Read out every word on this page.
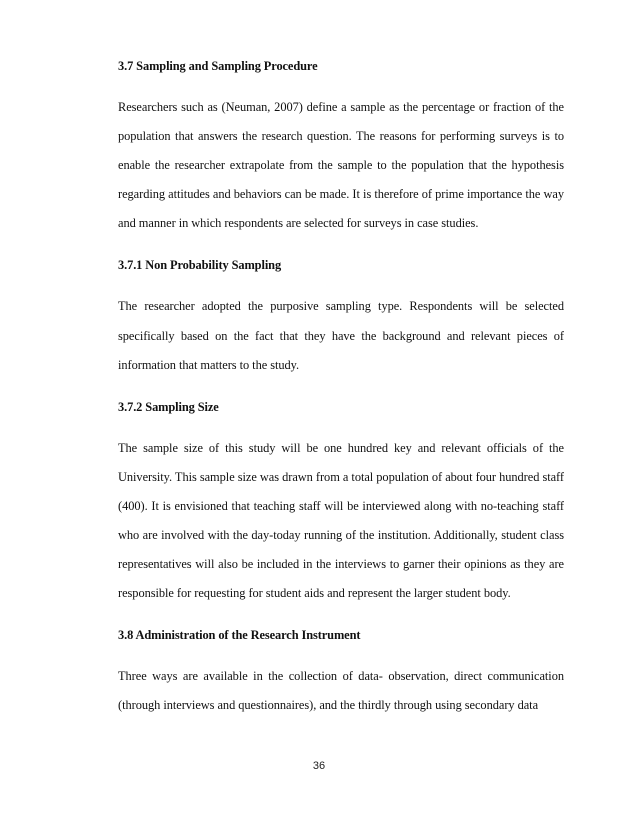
3.7 Sampling and Sampling Procedure

Researchers such as (Neuman, 2007) define a sample as the percentage or fraction of the population that answers the research question. The reasons for performing surveys is to enable the researcher extrapolate from the sample to the population that the hypothesis regarding attitudes and behaviors can be made. It is therefore of prime importance the way and manner in which respondents are selected for surveys in case studies.

3.7.1 Non Probability Sampling

The researcher adopted the purposive sampling type. Respondents will be selected specifically based on the fact that they have the background and relevant pieces of information that matters to the study.

3.7.2 Sampling Size

The sample size of this study will be one hundred key and relevant officials of the University. This sample size was drawn from a total population of about four hundred staff (400). It is envisioned that teaching staff will be interviewed along with no-teaching staff who are involved with the day-today running of the institution. Additionally, student class representatives will also be included in the interviews to garner their opinions as they are responsible for requesting for student aids and represent the larger student body.

3.8 Administration of the Research Instrument

Three ways are available in the collection of data- observation, direct communication (through interviews and questionnaires), and the thirdly through using secondary data

36
